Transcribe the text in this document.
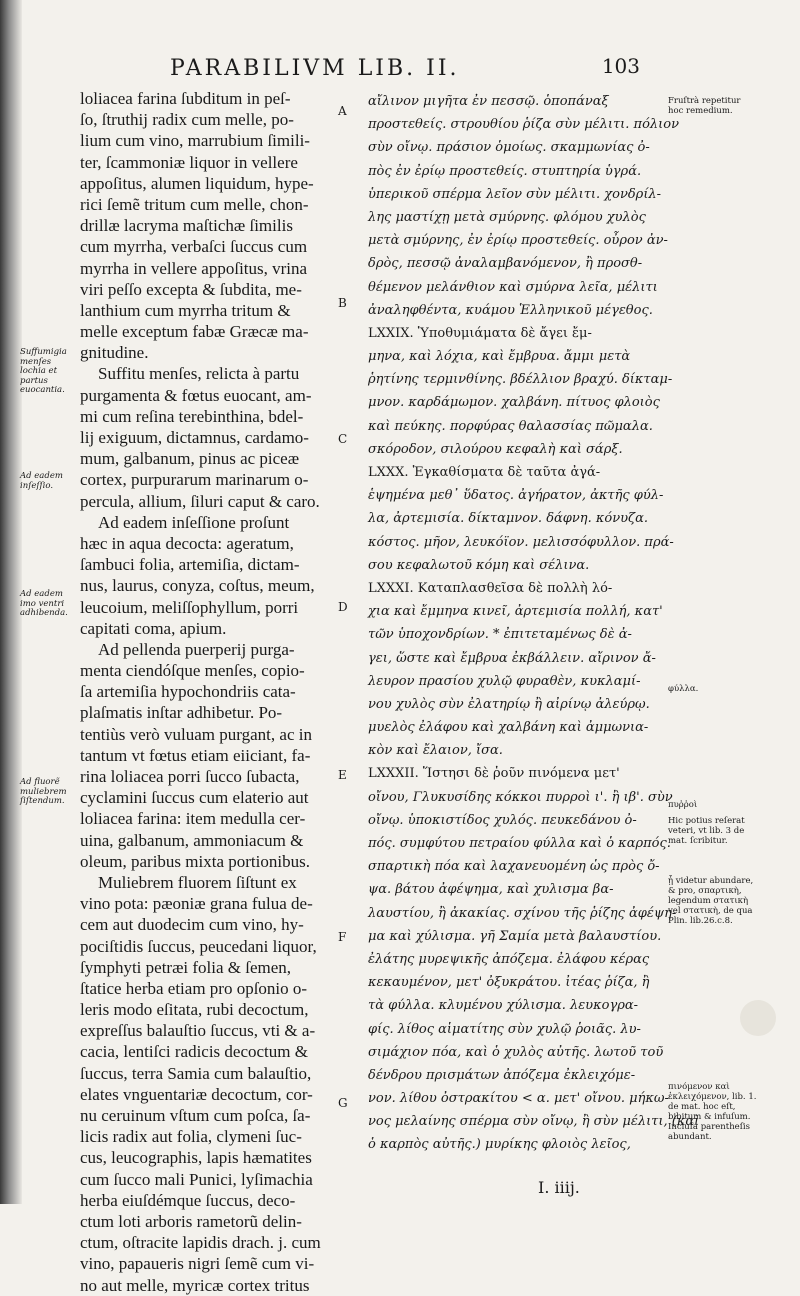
PARABILIVM LIB. II.	103
loliacea farina ſubditum in peſ-
ſo, ſtruthij radix cum melle, po-
lium cum vino, marrubium ſimili-
ter, ſcammoniæ liquor in vellere
appoſitus, alumen liquidum, hype-
rici ſemẽ tritum cum melle, chon-
drillæ lacryma maſtichæ ſimilis
cum myrrha, verbaſci ſuccus cum
myrrha in vellere appoſitus, vrina
viri peſſo excepta & ſubdita, me-
lanthium cum myrrha tritum &
melle exceptum fabæ Græcæ ma-
gnitudine.
Suffitu menſes, relicta à partu
purgamenta & fœtus euocant, am-
mi cum reſina terebinthina, bdel-
lij exiguum, dictamnus, cardamo-
mum, galbanum, pinus ac piceæ
cortex, purpurarum marinarum o-
percula, allium, ſiluri caput & caro.
Ad eadem inſeſſione proſunt
hæc in aqua decocta: ageratum,
ſambuci folia, artemiſia, dictam-
nus, laurus, conyza, coſtus, meum,
leucoium, meliſſophyllum, porri
capitati coma, apium.
Ad pellenda puerperij purga-
menta ciendóſque menſes, copio-
ſa artemiſia hypochondriis cata-
plaſmatis inſtar adhibetur. Po-
tentiùs verò vuluam purgant, ac in
tantum vt fœtus etiam eiiciant, fa-
rina loliacea porri ſucco ſubacta,
cyclamini ſuccus cum elaterio aut
loliacea farina: item medulla cer-
uina, galbanum, ammoniacum &
oleum, paribus mixta portionibus.
Muliebrem fluorem ſiſtunt ex
vino pota: pæoniæ grana fulua de-
cem aut duodecim cum vino, hy-
pociſtidis ſuccus, peucedani liquor,
ſymphyti petræi folia & ſemen,
ſtatice herba etiam pro opſonio o-
leris modo eſitata, rubi decoctum,
expreſſus balauſtio ſuccus, vti & a-
cacia, lentiſci radicis decoctum &
ſuccus, terra Samia cum balauſtio,
elates vnguentariæ decoctum, cor-
nu ceruinum vſtum cum poſca, ſa-
licis radix aut folia, clymeni ſuc-
cus, leucographis, lapis hæmatites
cum ſucco mali Punici, lyſimachia
herba eiuſdémque ſuccus, deco-
ctum loti arboris rametorũ delin-
ctum, oſtracite lapidis drach. j. cum
vino, papaueris nigri ſemẽ cum vi-
no aut melle, myricæ cortex tritus
αἴλινον μιγῆτα ἐν πεσσῷ. ὁποπάναξ
προστεθείς. στρουθίου ῥίζα σὺν μέλιτι. πόλιον
σὺν οἴνῳ. πράσιον ὁμοίως. σκαμμωνίας ὀ-
πὸς ἐν ἐρίῳ προστεθείς. στυπτηρία ὑγρά.
ὑπερικοῦ σπέρμα λεῖον σὺν μέλιτι. χονδρίλ-
λης μαστίχῃ μετὰ σμύρνης. φλόμου χυλὸς
μετὰ σμύρνης, ἐν ἐρίῳ προστεθείς. οὖρον ἀν-
δρὸς, πεσσῷ ἀναλαμβανόμενον, ἢ προσθ-
θέμενον μελάνθιον καὶ σμύρνα λεῖα, μέλιτι
ἀναληφθέντα, κυάμου Ἑλληνικοῦ μέγεθος.
LXXIX. Ὑποθυμιάματα δὲ ἄγει ἔμ-
μηνα, καὶ λόχια, καὶ ἔμβρυα. ἄμμι μετὰ
ῥητίνης τερμινθίνης. βδέλλιον βραχύ. δίκταμ-
μνον. καρδάμωμον. χαλβάνη. πίτυος φλοιὸς
καὶ πεύκης. πορφύρας θαλασσίας πῶμαλα.
σκόροδον, σιλούρου κεφαλὴ καὶ σάρξ.
LXXX. Ἐγκαθίσματα δὲ ταῦτα ἀγά-
ἑψημένα μεθ᾿ ὕδατος. ἀγήρατον, ἀκτῆς φύλ-
λα, ἀρτεμισία. δίκταμνον. δάφνη. κόνυζα.
κόστος. μῆον, λευκόϊον. μελισσόφυλλον. πρά-
σου κεφαλωτοῦ κόμη καὶ σέλινα.
LXXXI. Καταπλασθεῖσα δὲ πολλὴ λό-
χια καὶ ἔμμηνα κινεῖ, ἀρτεμισία πολλή, κατ'
τῶν ὑποχονδρίων. * ἐπιτεταμένως δὲ ἀ-
γει, ὥστε καὶ ἔμβρυα ἐκβάλλειν. αἴρινον ἄ-
λευρον πρασίου χυλῷ φυραθὲν, κυκλαμί-
νου χυλὸς σὺν ἐλατηρίῳ ἢ αἰρίνῳ ἀλεύρῳ.
μυελὸς ἐλάφου καὶ χαλβάνη καὶ ἀμμωνια-
κὸν καὶ ἔλαιον, ἴσα.
LXXXII. Ἵστησι δὲ ῥοῦν πινόμενα μετ'
οἴνου, Γλυκυσίδης κόκκοι πυρροὶ ι'. ἢ ιβ'. σὺν
οἴνῳ. ὑποκιστίδος χυλός. πευκεδάνου ὀ-
πός. συμφύτου πετραίου φύλλα καὶ ὁ καρπός.
σπαρτικὴ πόα καὶ λαχανευομένη ὡς πρὸς ὄ-
ψα. βάτου ἀφέψημα, καὶ χυλισμα βα-
λαυστίου, ἢ ἀκακίας. σχίνου τῆς ῥίζης ἀφέψη-
μα καὶ χύλισμα. γῆ Σαμία μετὰ βαλαυστίου.
ἐλάτης μυρεψικῆς ἀπόζεμα. ἐλάφου κέρας
κεκαυμένον, μετ' ὀξυκράτου. ἰτέας ῥίζα, ἢ
τὰ φύλλα. κλυμένου χύλισμα. λευκογρα-
φίς. λίθος αἱματίτης σὺν χυλῷ ῥοιᾶς. λυ-
σιμάχιον πόα, καὶ ὁ χυλὸς αὐτῆς. λωτοῦ τοῦ
δένδρου πρισμάτων ἀπόζεμα ἐκλειχόμε-
νον. λίθου ὀστρακίτου < α. μετ' οἴνου. μήκω-
νος μελαίνης σπέρμα σὺν οἴνῳ, ἢ σὺν μέλιτι, (καὶ
ὁ καρπὸς αὐτῆς.) μυρίκης φλοιὸς λεῖος,
A
B
C
D
E
F
G
Suffumigia menſes lochia et partus euocantia.
Ad eadem inſeſſio.
Ad eadem imo ventri adhibenda.
Ad fluorẽ muliebrem ſiſtendum.
Fruſtrà repetitur hoc remedium.
φύλλα.
πυῤῥοὶ
Hic potius reſerat veteri, vt lib. 3 de mat. ſcribitur.
ᾗ videtur abundare, & pro, σπαρτικὴ, legendum στατικὴ vel στατικὴ, de qua Plin. lib.26.c.8.
πινόμενον καὶ ἐκλειχόμενον, lib. 1. de mat. hoc eſt, bibitum & infuſum. Incluſa parentheſis abundant.
I. iiij.
